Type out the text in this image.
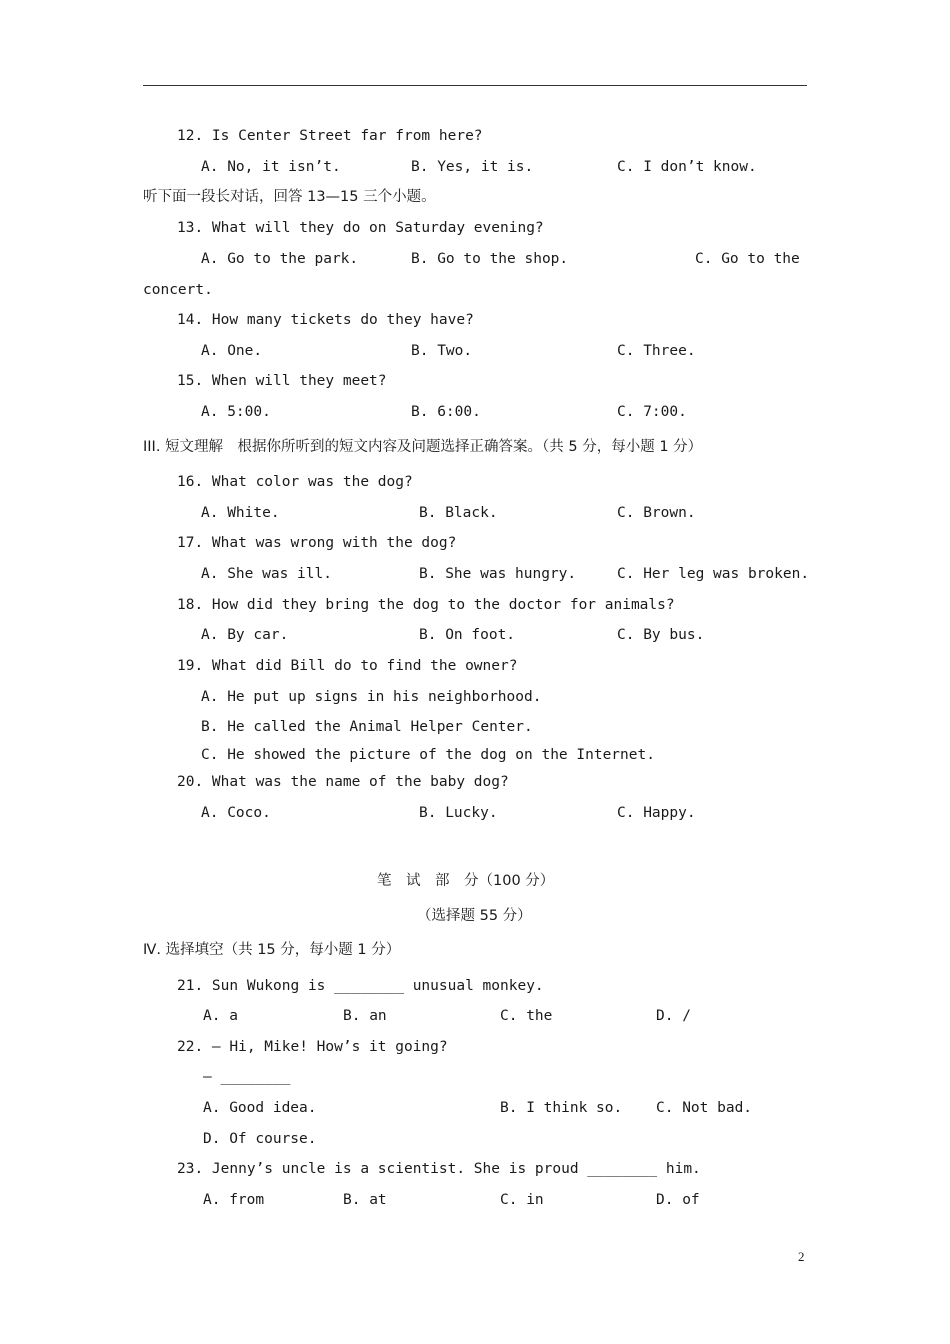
12. Is Center Street far from here?
A. No, it isn’t.	B. Yes, it is.	C. I don’t know.
听下面一段长对话，回答 13—15 三个小题。
13. What will they do on Saturday evening?
A. Go to the park.	B. Go to the shop.	C. Go to the
concert.
14. How many tickets do they have?
A. One.	B. Two.	C. Three.
15. When will they meet?
A. 5:00.	B. 6:00.	C. 7:00.
III. 短文理解　根据你所听到的短文内容及问题选择正确答案。（共 5 分，每小题 1 分）
16. What color was the dog?
A. White.	B. Black.	C. Brown.
17. What was wrong with the dog?
A. She was ill.	B. She was hungry.	C. Her leg was broken.
18. How did they bring the dog to the doctor for animals?
A. By car.	B. On foot.	C. By bus.
19. What did Bill do to find the owner?
A. He put up signs in his neighborhood.
B. He called the Animal Helper Center.
C. He showed the picture of the dog on the Internet.
20. What was the name of the baby dog?
A. Coco.	B. Lucky.	C. Happy.
笔　试　部　分（100 分）
（选择题 55 分）
Ⅳ. 选择填空（共 15 分，每小题 1 分）
21. Sun Wukong is ________ unusual monkey.
A. a	B. an	C. the	D. /
22. — Hi, Mike! How’s it going?
— ________
A. Good idea.	B. I think so. C. Not bad.
D. Of course.
23. Jenny’s uncle is a scientist. She is proud ________ him.
A. from	B. at	C. in	D. of
2
